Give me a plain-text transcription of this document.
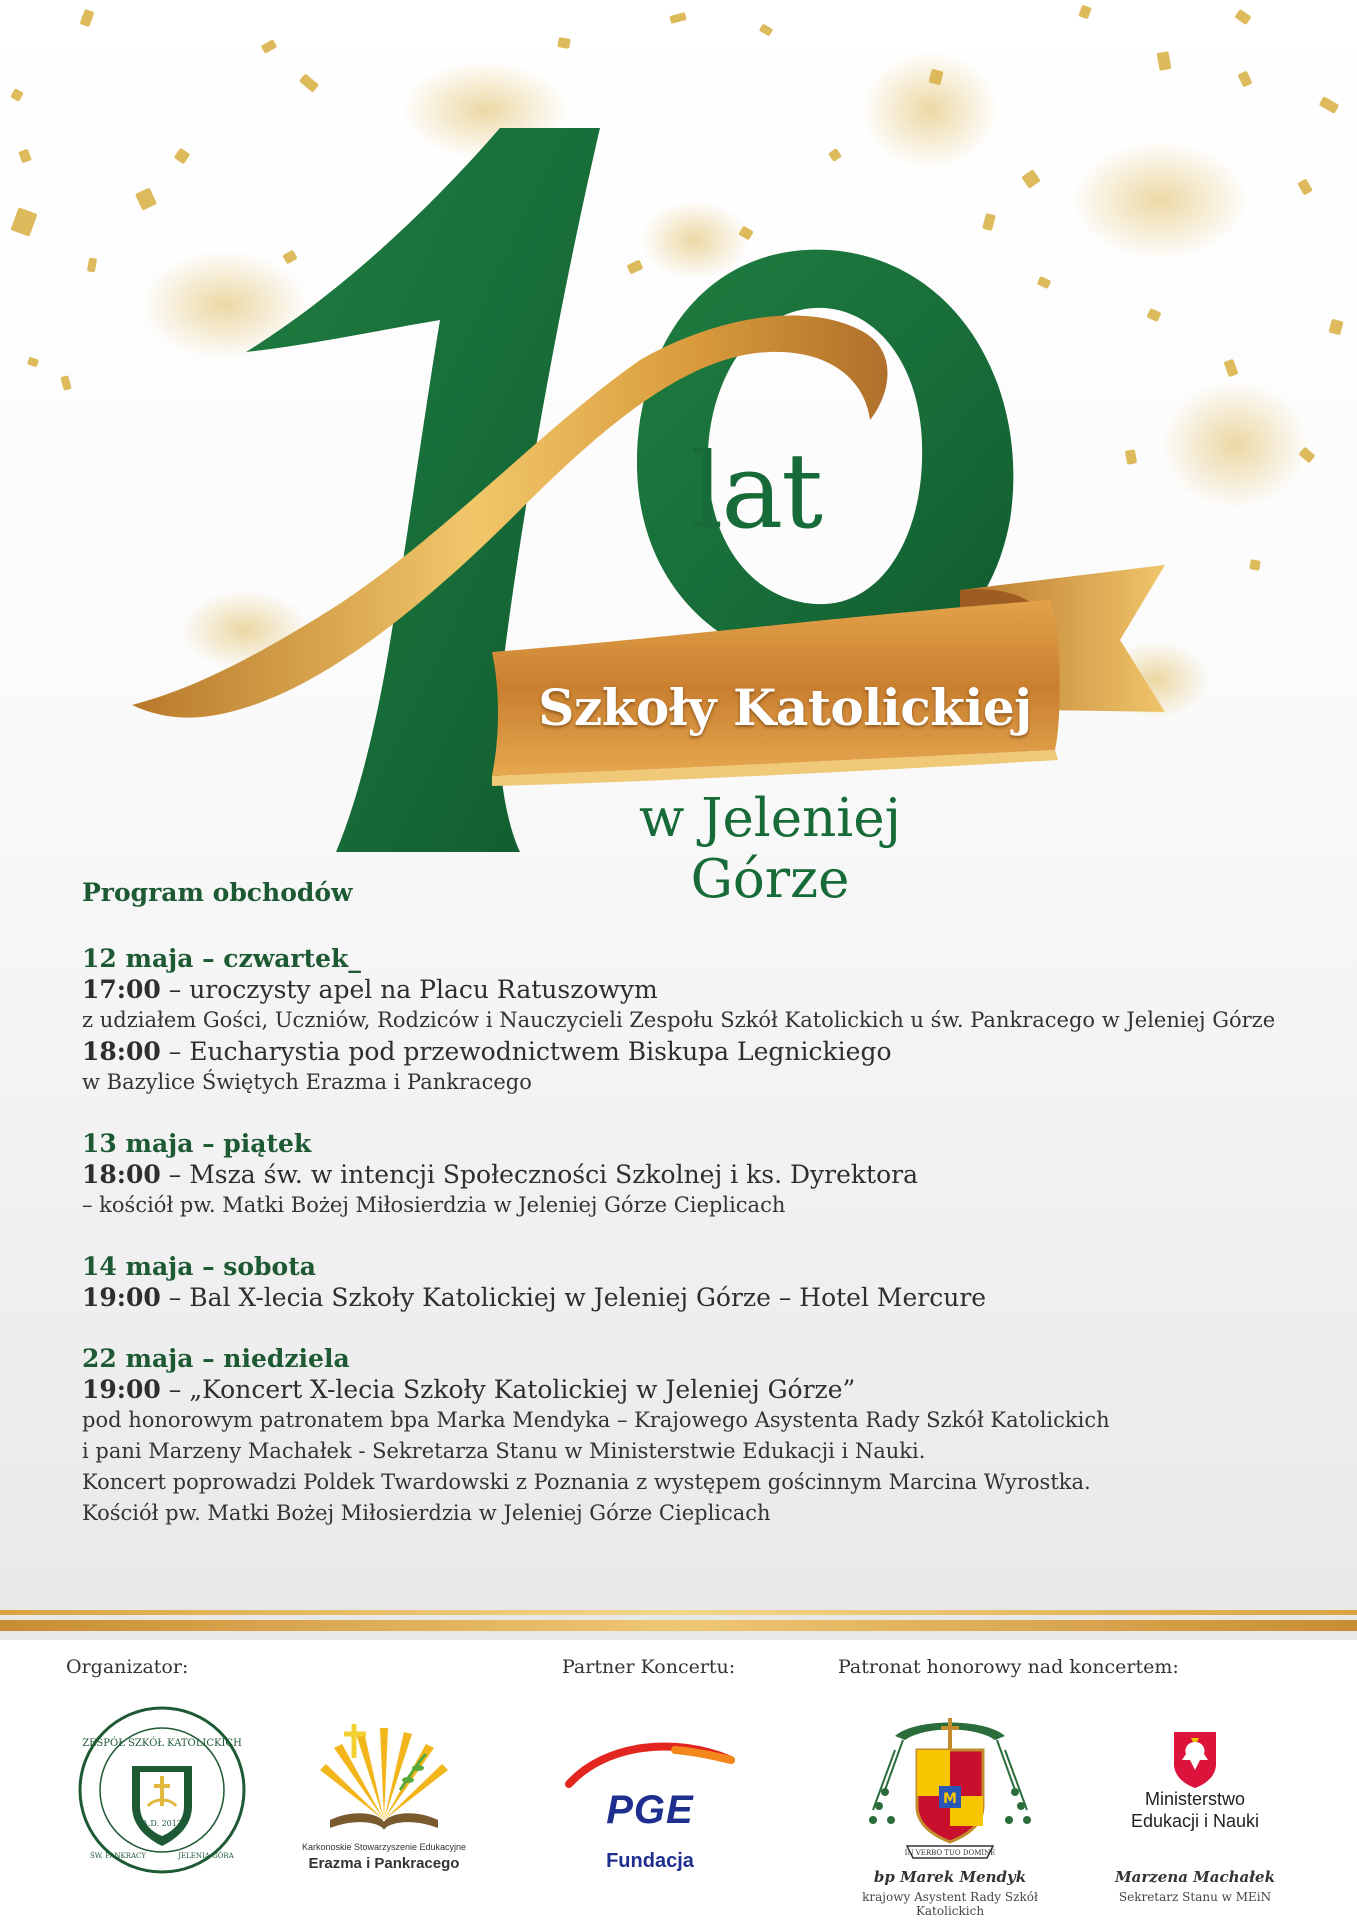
lat
Szkoły Katolickiej
w Jeleniej Górze
Program obchodów
12 maja – czwartek_
17:00 – uroczysty apel na Placu Ratuszowym
z udziałem Gości, Uczniów, Rodziców i Nauczycieli Zespołu Szkół Katolickich u św. Pankracego w Jeleniej Górze
18:00 – Eucharystia pod przewodnictwem Biskupa Legnickiego
w Bazylice Świętych Erazma i Pankracego
13 maja – piątek
18:00 – Msza św. w intencji Społeczności Szkolnej i ks. Dyrektora
– kościół pw. Matki Bożej Miłosierdzia w Jeleniej Górze Cieplicach
14 maja – sobota
19:00 – Bal X-lecia Szkoły Katolickiej w Jeleniej Górze – Hotel Mercure
22 maja – niedziela
19:00 – „Koncert X-lecia Szkoły Katolickiej w Jeleniej Górze”
pod honorowym patronatem bpa Marka Mendyka – Krajowego Asystenta Rady Szkół Katolickich
i pani Marzeny Machałek - Sekretarza Stanu w Ministerstwie Edukacji i Nauki.
Koncert poprowadzi Poldek Twardowski z Poznania z występem gościnnym Marcina Wyrostka.
Kościół pw. Matki Bożej Miłosierdzia w Jeleniej Górze Cieplicach
Organizator:	Partner Koncertu:	Patronat honorowy nad koncertem:
ZESPÓŁ SZKÓŁ KATOLICKICH
A.D. 2012
ŚW. PANKRACY	JELENIA GÓRA
Karkonoskie Stowarzyszenie Edukacyjne
Erazma i Pankracego
PGE
Fundacja
M
IN VERBO TUO DOMINE
bp Marek Mendyk
krajowy Asystent Rady Szkół Katolickich
Ministerstwo
Edukacji i Nauki
Marzena Machałek
Sekretarz Stanu w MEiN
